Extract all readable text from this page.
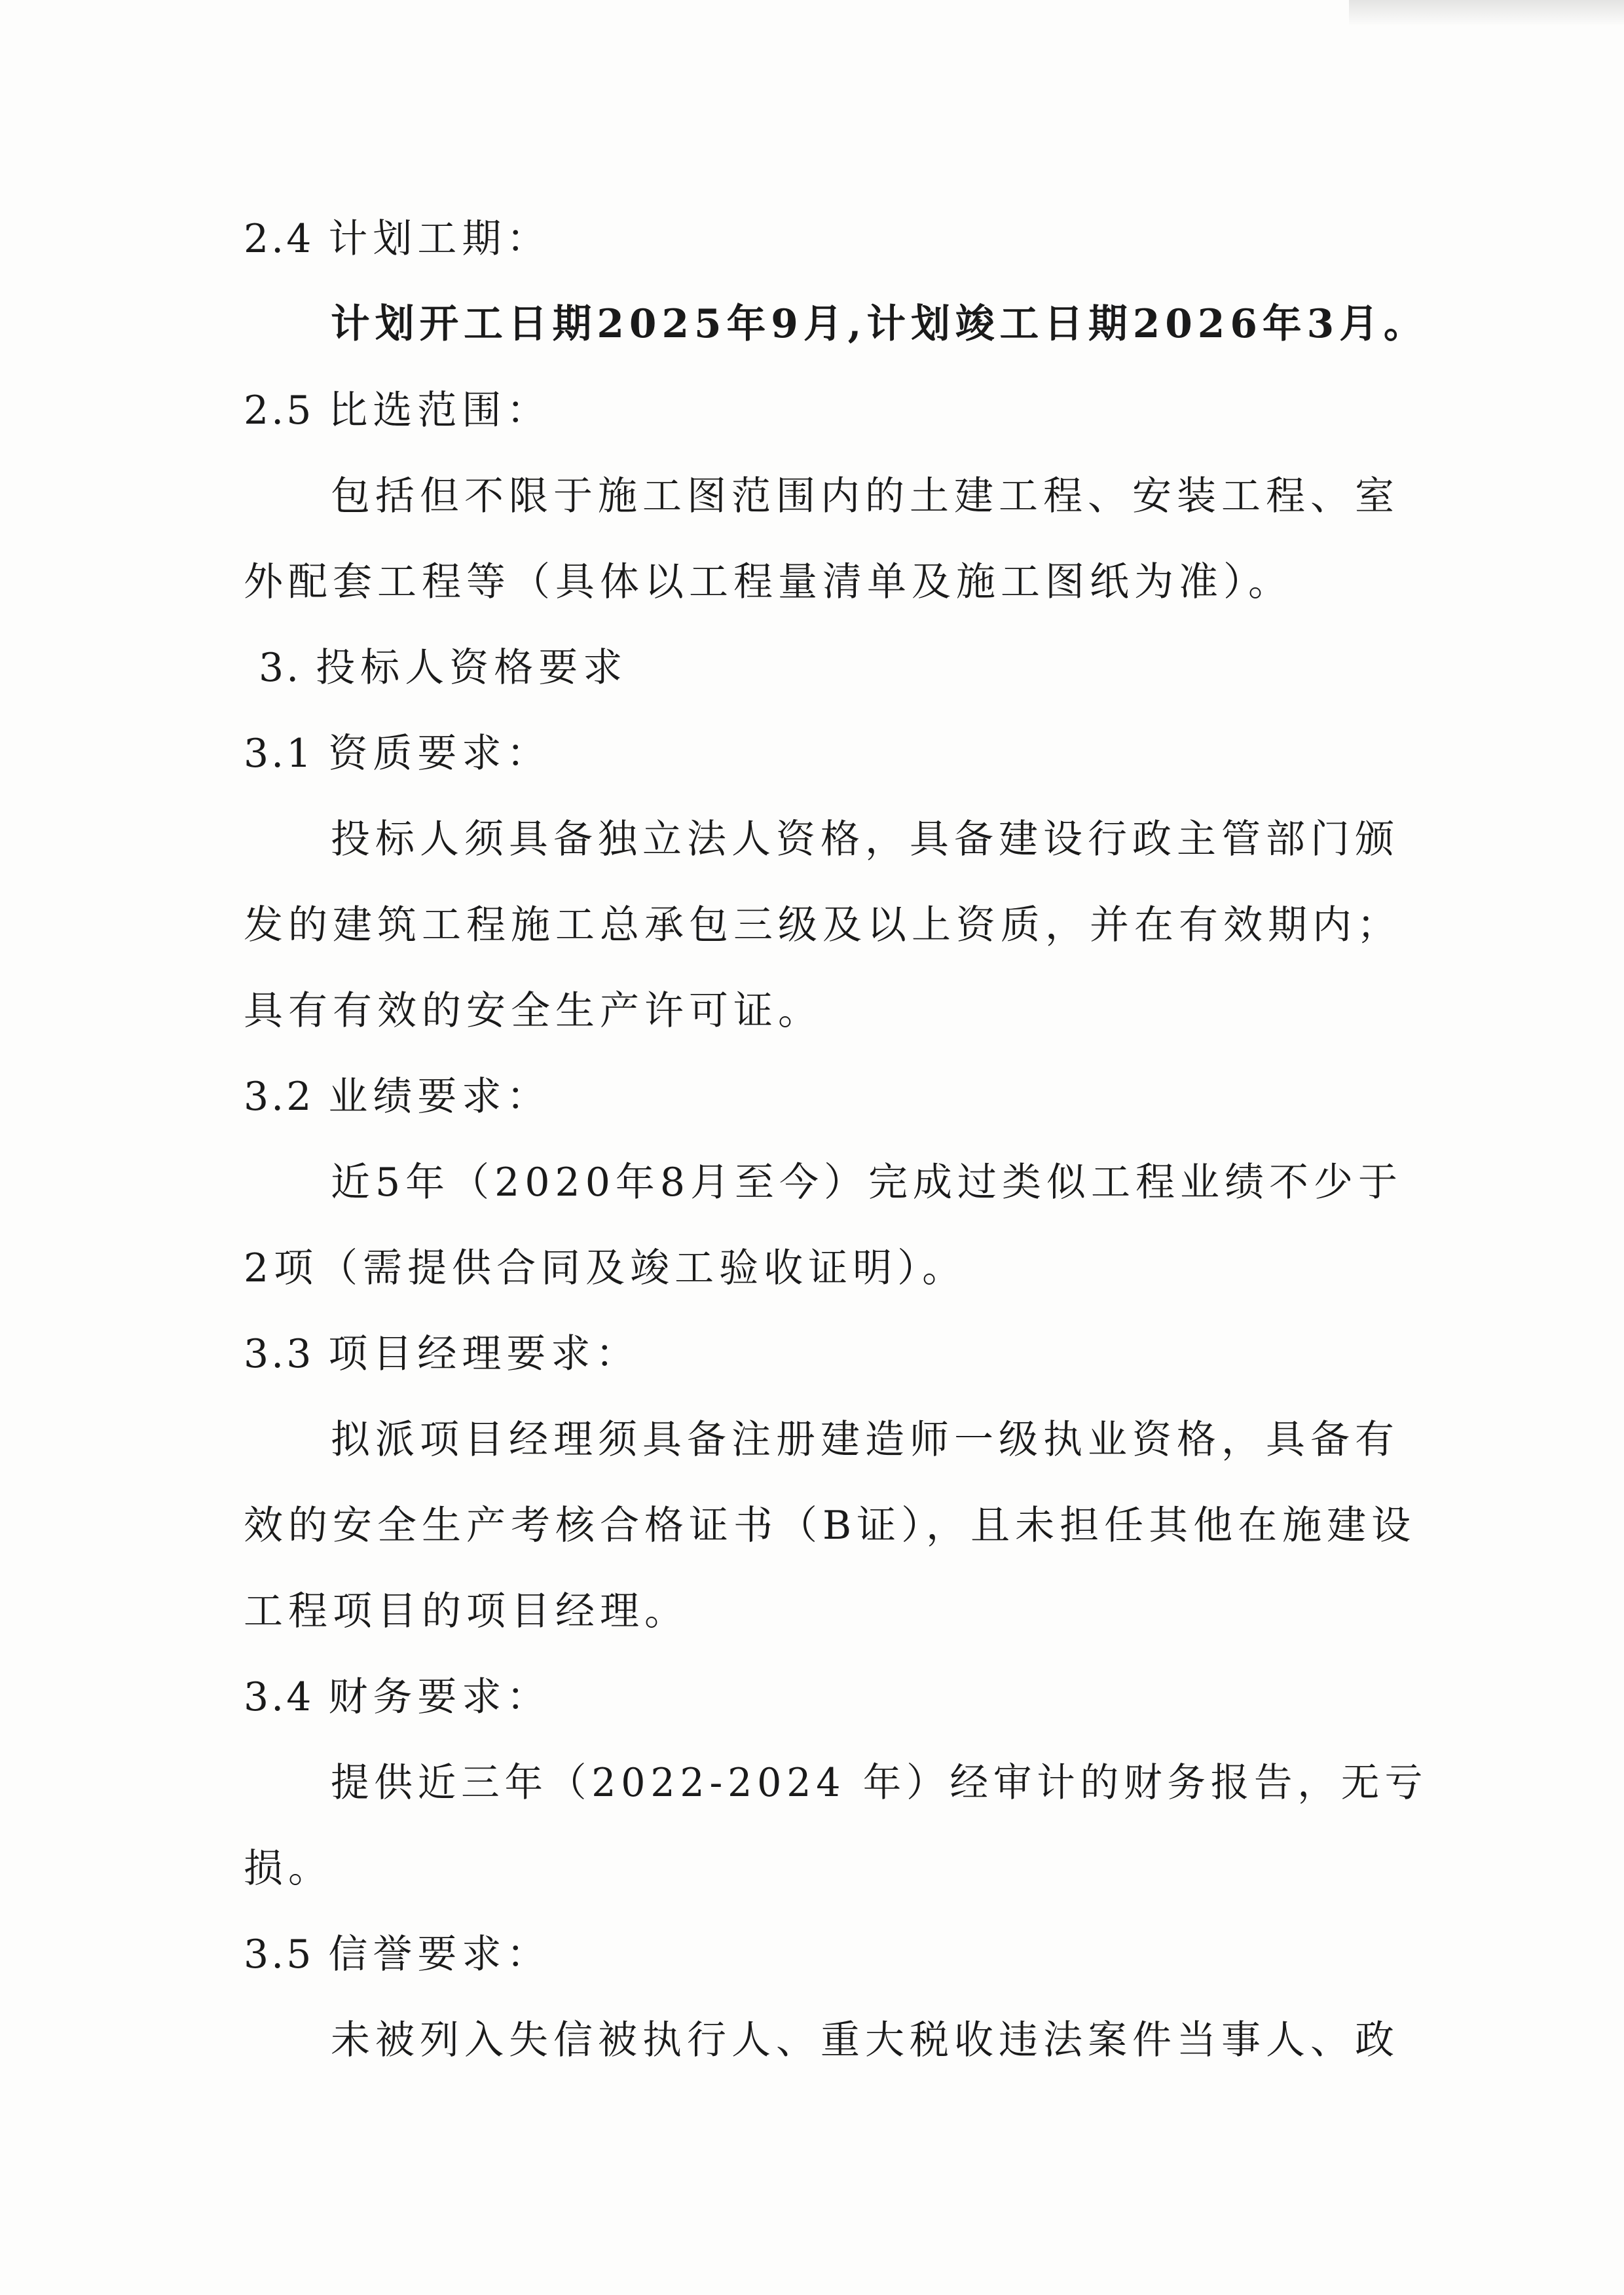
2.4 计划工期：
计划开工日期2025年9月,计划竣工日期2026年3月。
2.5 比选范围：
包括但不限于施工图范围内的土建工程、安装工程、室
外配套工程等（具体以工程量清单及施工图纸为准）。
3. 投标人资格要求
3.1 资质要求：
投标人须具备独立法人资格，具备建设行政主管部门颁
发的建筑工程施工总承包三级及以上资质，并在有效期内；
具有有效的安全生产许可证。
3.2 业绩要求：
近5年（2020年8月至今）完成过类似工程业绩不少于
2项（需提供合同及竣工验收证明）。
3.3 项目经理要求：
拟派项目经理须具备注册建造师一级执业资格，具备有
效的安全生产考核合格证书（B证），且未担任其他在施建设
工程项目的项目经理。
3.4 财务要求：
提供近三年（2022-2024 年）经审计的财务报告，无亏
损。
3.5 信誉要求：
未被列入失信被执行人、重大税收违法案件当事人、政
